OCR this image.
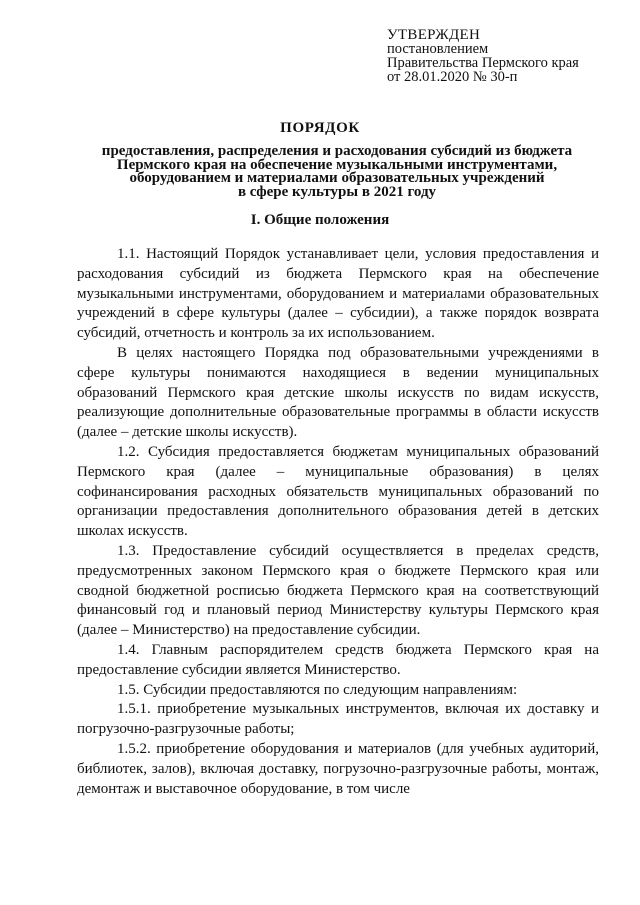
УТВЕРЖДЕН
постановлением
Правительства Пермского края
от 28.01.2020 № 30-п
ПОРЯДОК
предоставления, распределения и расходования субсидий из бюджета
Пермского края на обеспечение музыкальными инструментами,
оборудованием и материалами образовательных учреждений
в сфере культуры в 2021 году
I. Общие положения

1.1. Настоящий Порядок устанавливает цели, условия предоставления и расходования субсидий из бюджета Пермского края на обеспечение музыкальными инструментами, оборудованием и материалами образовательных учреждений в сфере культуры (далее – субсидии), а также порядок возврата субсидий, отчетность и контроль за их использованием.

В целях настоящего Порядка под образовательными учреждениями в сфере культуры понимаются находящиеся в ведении муниципальных образований Пермского края детские школы искусств по видам искусств, реализующие дополнительные образовательные программы в области искусств (далее – детские школы искусств).

1.2. Субсидия предоставляется бюджетам муниципальных образований Пермского края (далее – муниципальные образования) в целях софинансирования расходных обязательств муниципальных образований по организации предоставления дополнительного образования детей в детских школах искусств.

1.3. Предоставление субсидий осуществляется в пределах средств, предусмотренных законом Пермского края о бюджете Пермского края или сводной бюджетной росписью бюджета Пермского края на соответствующий финансовый год и плановый период Министерству культуры Пермского края (далее – Министерство) на предоставление субсидии.

1.4. Главным распорядителем средств бюджета Пермского края на предоставление субсидии является Министерство.

1.5. Субсидии предоставляются по следующим направлениям:

1.5.1. приобретение музыкальных инструментов, включая их доставку и погрузочно-разгрузочные работы;

1.5.2. приобретение оборудования и материалов (для учебных аудиторий, библиотек, залов), включая доставку, погрузочно-разгрузочные работы, монтаж, демонтаж и выставочное оборудование, в том числе
